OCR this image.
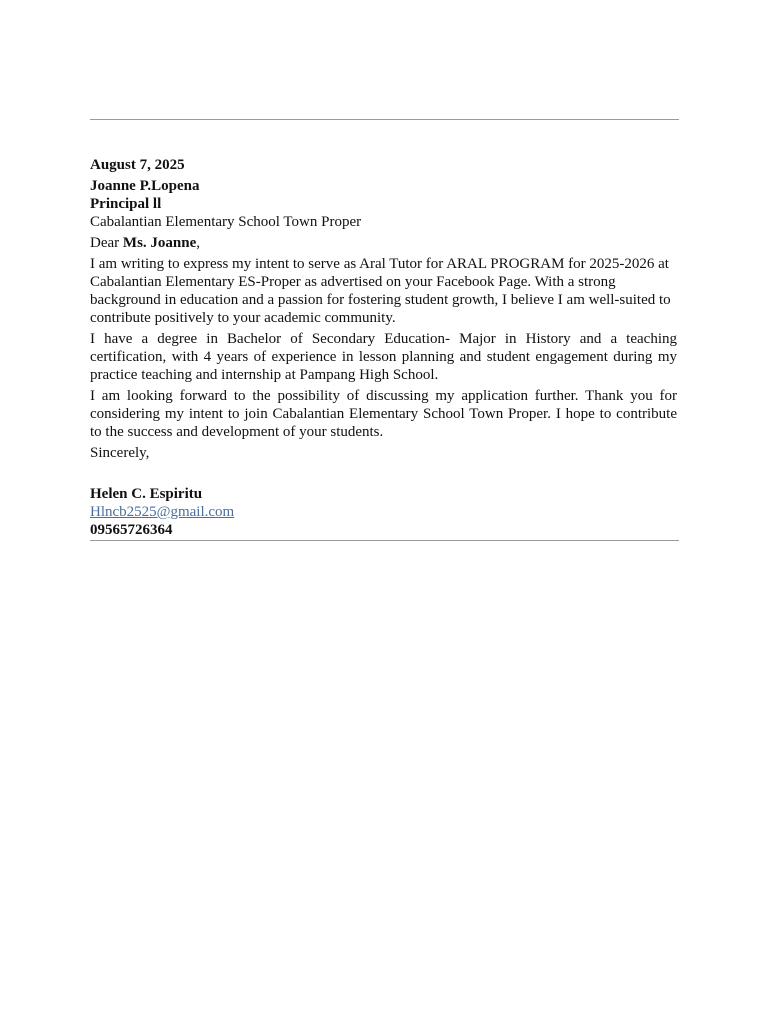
August 7, 2025
Joanne P.Lopena
Principal ll
Cabalantian Elementary School Town Proper
Dear Ms. Joanne,
I am writing to express my intent to serve as Aral Tutor for ARAL PROGRAM for 2025-2026 at Cabalantian Elementary ES-Proper as advertised on your Facebook Page. With a strong background in education and a passion for fostering student growth, I believe I am well-suited to contribute positively to your academic community.
I have a degree in Bachelor of Secondary Education- Major in History and a teaching certification, with 4 years of experience in lesson planning and student engagement during my practice teaching and internship at Pampang High School.
I am looking forward to the possibility of discussing my application further. Thank you for considering my intent to join Cabalantian Elementary School Town Proper. I hope to contribute to the success and development of your students.
Sincerely,
Helen C. Espiritu
Hlncb2525@gmail.com
09565726364
